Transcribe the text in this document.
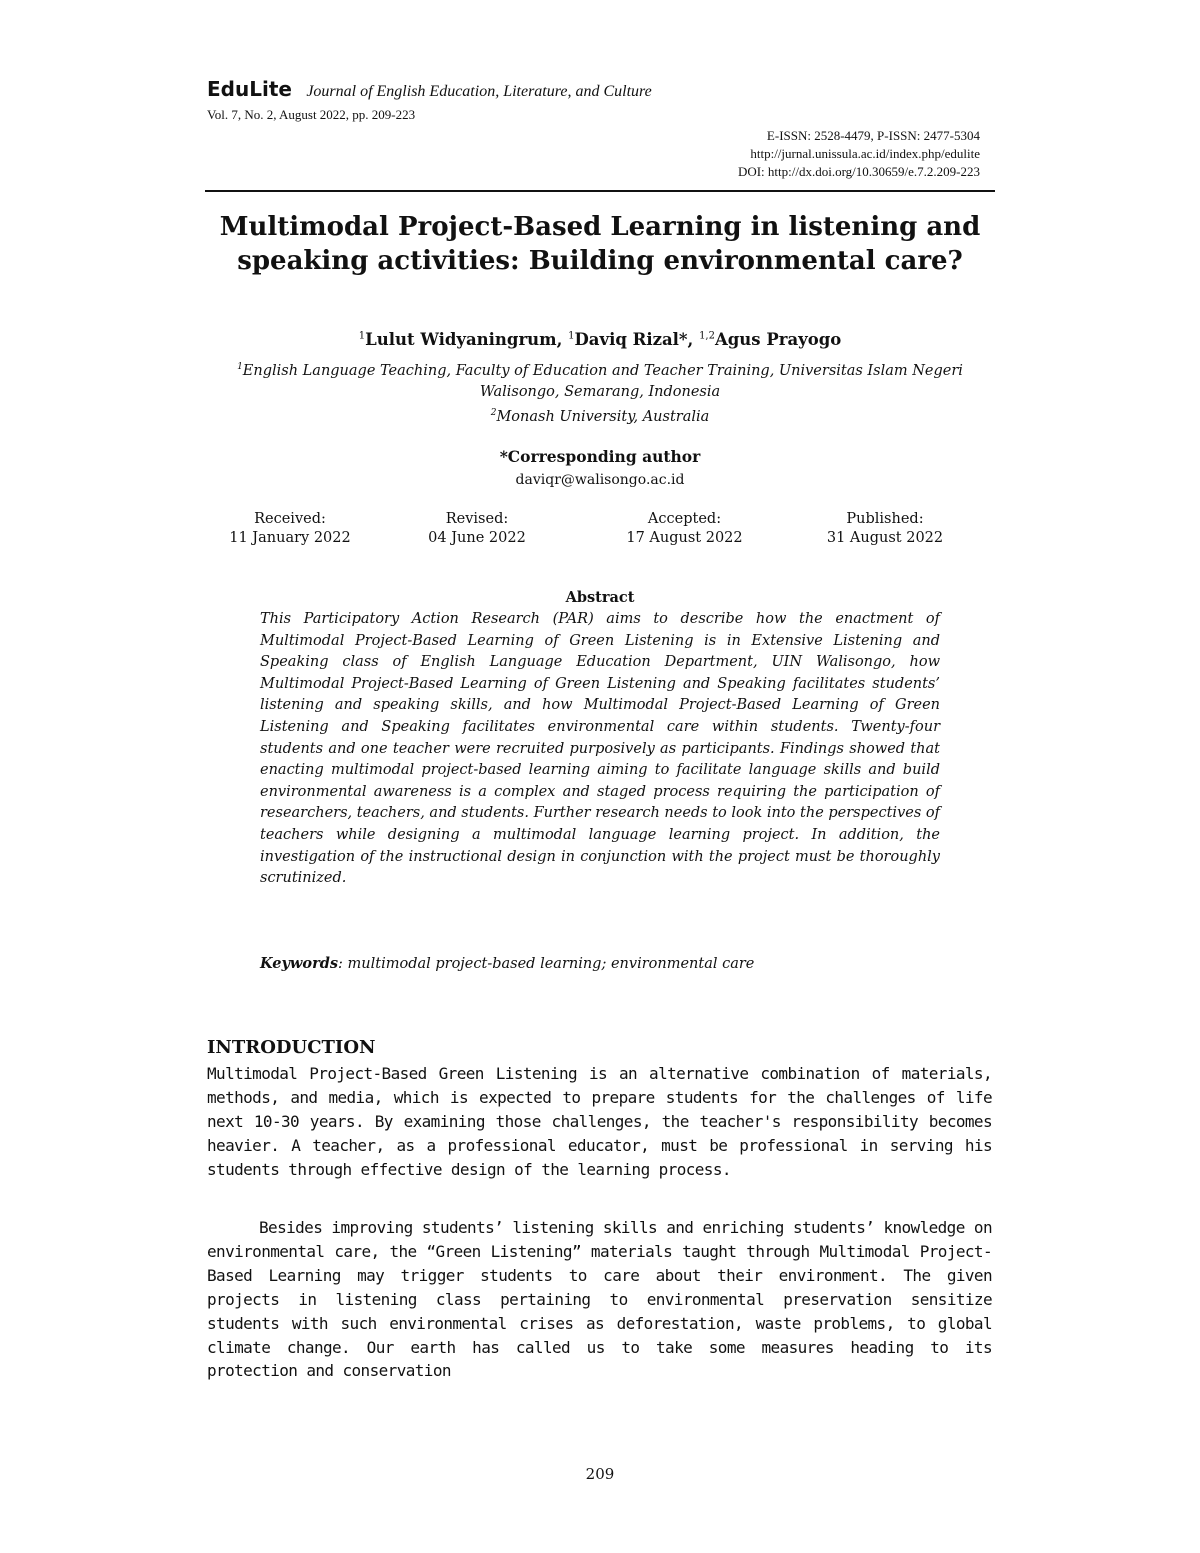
EduLite Journal of English Education, Literature, and Culture
Vol. 7, No. 2, August 2022, pp. 209-223
E-ISSN: 2528-4479, P-ISSN: 2477-5304
http://jurnal.unissula.ac.id/index.php/edulite
DOI: http://dx.doi.org/10.30659/e.7.2.209-223
Multimodal Project-Based Learning in listening and speaking activities: Building environmental care?
$^1$Lulut Widyaningrum, $^1$Daviq Rizal*, $^{1,2}$Agus Prayogo
$^1$English Language Teaching, Faculty of Education and Teacher Training, Universitas Islam Negeri Walisongo, Semarang, Indonesia
$^2$Monash University, Australia
*Corresponding author
daviqr@walisongo.ac.id
Received:
11 January 2022
Revised:
04 June 2022
Accepted:
17 August 2022
Published:
31 August 2022
Abstract
This Participatory Action Research (PAR) aims to describe how the enactment of Multimodal Project-Based Learning of Green Listening is in Extensive Listening and Speaking class of English Language Education Department, UIN Walisongo, how Multimodal Project-Based Learning of Green Listening and Speaking facilitates students’ listening and speaking skills, and how Multimodal Project-Based Learning of Green Listening and Speaking facilitates environmental care within students. Twenty-four students and one teacher were recruited purposively as participants. Findings showed that enacting multimodal project-based learning aiming to facilitate language skills and build environmental awareness is a complex and staged process requiring the participation of researchers, teachers, and students. Further research needs to look into the perspectives of teachers while designing a multimodal language learning project. In addition, the investigation of the instructional design in conjunction with the project must be thoroughly scrutinized.
Keywords: multimodal project-based learning; environmental care
INTRODUCTION
Multimodal Project-Based Green Listening is an alternative combination of materials, methods, and media, which is expected to prepare students for the challenges of life next 10-30 years. By examining those challenges, the teacher's responsibility becomes heavier. A teacher, as a professional educator, must be professional in serving his students through effective design of the learning process.
Besides improving students’ listening skills and enriching students’ knowledge on environmental care, the “Green Listening” materials taught through Multimodal Project-Based Learning may trigger students to care about their environment. The given projects in listening class pertaining to environmental preservation sensitize students with such environmental crises as deforestation, waste problems, to global climate change. Our earth has called us to take some measures heading to its protection and conservation
209
